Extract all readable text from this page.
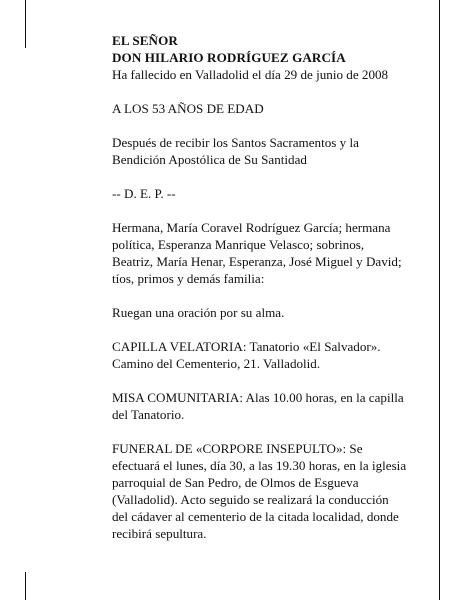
EL SEÑOR

DON HILARIO RODRÍGUEZ GARCÍA

Ha fallecido en Valladolid el día 29 de junio de 2008

A LOS 53 AÑOS DE EDAD

Después de recibir los Santos Sacramentos y la

Bendición Apostólica de Su Santidad

-- D. E. P. --

Hermana, María Coravel Rodríguez García; hermana

política, Esperanza Manrique Velasco; sobrinos,

Beatriz, María Henar, Esperanza, José Miguel y David;

tíos, primos y demás familia:

Ruegan una oración por su alma.

CAPILLA VELATORIA: Tanatorio «El Salvador».

Camino del Cementerio, 21. Valladolid.

MISA COMUNITARIA: Alas 10.00 horas, en la capilla

del Tanatorio.

FUNERAL DE «CORPORE INSEPULTO»: Se

efectuará el lunes, día 30, a las 19.30 horas, en la iglesia

parroquial de San Pedro, de Olmos de Esgueva

(Valladolid). Acto seguido se realizará la conducción

del cádaver al cementerio de la citada localidad, donde

recibirá sepultura.
